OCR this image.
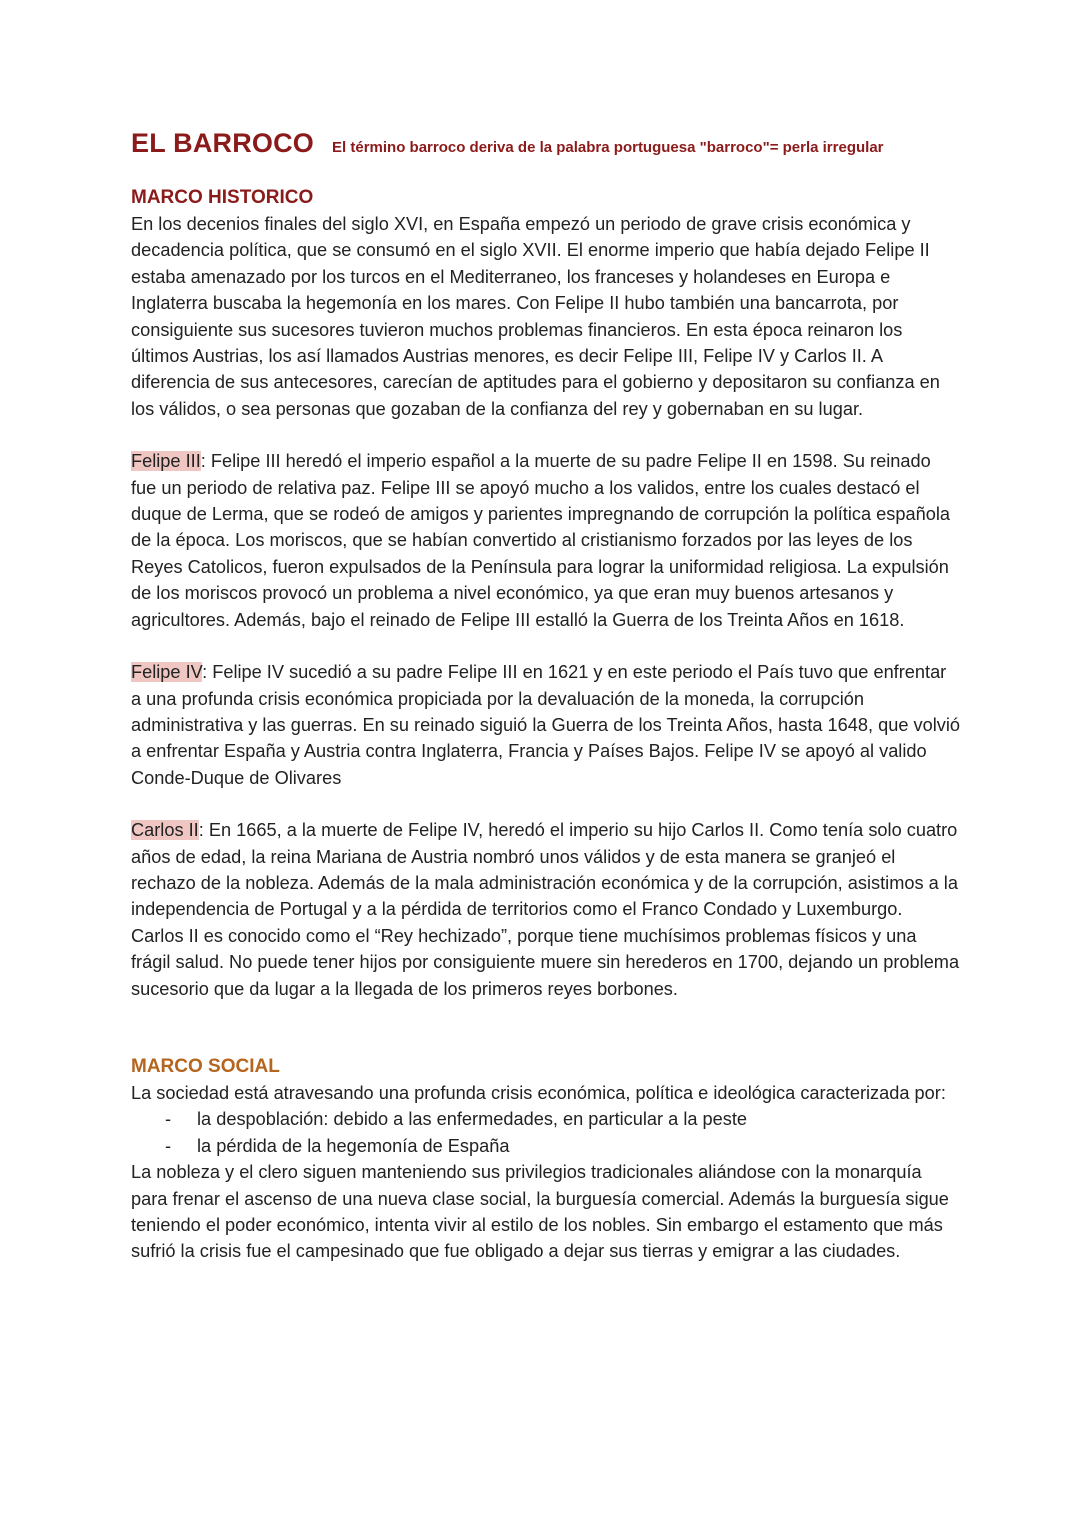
EL BARROCO El término barroco deriva de la palabra portuguesa "barroco"= perla irregular
MARCO HISTORICO

En los decenios finales del siglo XVI, en España empezó un periodo de grave crisis económica y decadencia política, que se consumó en el siglo XVII. El enorme imperio que había dejado Felipe II estaba amenazado por los turcos en el Mediterraneo, los franceses y holandeses en Europa e Inglaterra buscaba la hegemonía en los mares. Con Felipe II hubo también una bancarrota, por consiguiente sus sucesores tuvieron muchos problemas financieros. En esta época reinaron los últimos Austrias, los así llamados Austrias menores, es decir Felipe III, Felipe IV y Carlos II. A diferencia de sus antecesores, carecían de aptitudes para el gobierno y depositaron su confianza en los válidos, o sea personas que gozaban de la confianza del rey y gobernaban en su lugar.

Felipe III: Felipe III heredó el imperio español a la muerte de su padre Felipe II en 1598. Su reinado fue un periodo de relativa paz. Felipe III se apoyó mucho a los validos, entre los cuales destacó el duque de Lerma, que se rodeó de amigos y parientes impregnando de corrupción la política española de la época. Los moriscos, que se habían convertido al cristianismo forzados por las leyes de los Reyes Catolicos, fueron expulsados de la Península para lograr la uniformidad religiosa. La expulsión de los moriscos provocó un problema a nivel económico, ya que eran muy buenos artesanos y agricultores. Además, bajo el reinado de Felipe III estalló la Guerra de los Treinta Años en 1618.

Felipe IV: Felipe IV sucedió a su padre Felipe III en 1621 y en este periodo el País tuvo que enfrentar a una profunda crisis económica propiciada por la devaluación de la moneda, la corrupción administrativa y las guerras. En su reinado siguió la Guerra de los Treinta Años, hasta 1648, que volvió a enfrentar España y Austria contra Inglaterra, Francia y Países Bajos. Felipe IV se apoyó al valido Conde-Duque de Olivares

Carlos II: En 1665, a la muerte de Felipe IV, heredó el imperio su hijo Carlos II. Como tenía solo cuatro años de edad, la reina Mariana de Austria nombró unos válidos y de esta manera se granjeó el rechazo de la nobleza. Además de la mala administración económica y de la corrupción, asistimos a la independencia de Portugal y a la pérdida de territorios como el Franco Condado y Luxemburgo. Carlos II es conocido como el “Rey hechizado”, porque tiene muchísimos problemas físicos y una frágil salud. No puede tener hijos por consiguiente muere sin herederos en 1700, dejando un problema sucesorio que da lugar a la llegada de los primeros reyes borbones.

MARCO SOCIAL

La sociedad está atravesando una profunda crisis económica, política e ideológica caracterizada por:

- la despoblación: debido a las enfermedades, en particular a la peste
- la pérdida de la hegemonía de España

La nobleza y el clero siguen manteniendo sus privilegios tradicionales aliándose con la monarquía para frenar el ascenso de una nueva clase social, la burguesía comercial. Además la burguesía sigue teniendo el poder económico, intenta vivir al estilo de los nobles. Sin embargo el estamento que más sufrió la crisis fue el campesinado que fue obligado a dejar sus tierras y emigrar a las ciudades.
